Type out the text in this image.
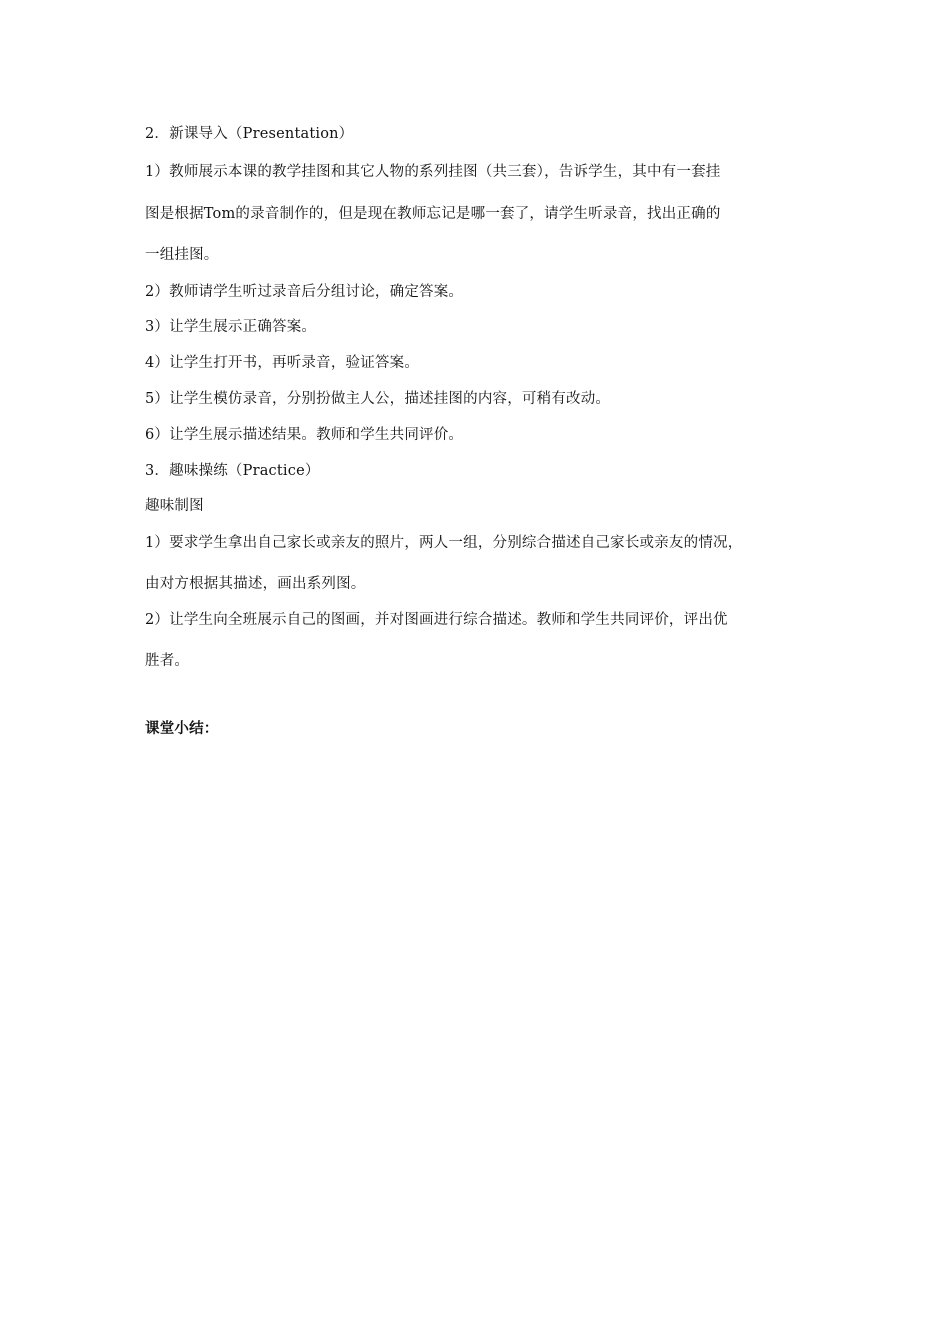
2．新课导入（Presentation）
1）教师展示本课的教学挂图和其它人物的系列挂图（共三套），告诉学生，其中有一套挂
图是根据Tom的录音制作的，但是现在教师忘记是哪一套了，请学生听录音，找出正确的
一组挂图。
2）教师请学生听过录音后分组讨论，确定答案。
3）让学生展示正确答案。
4）让学生打开书，再听录音，验证答案。
5）让学生模仿录音，分别扮做主人公，描述挂图的内容，可稍有改动。
6）让学生展示描述结果。教师和学生共同评价。
3．趣味操练（Practice）
趣味制图
1）要求学生拿出自己家长或亲友的照片，两人一组，分别综合描述自己家长或亲友的情况，
由对方根据其描述，画出系列图。
2）让学生向全班展示自己的图画，并对图画进行综合描述。教师和学生共同评价，评出优
胜者。
课堂小结：
